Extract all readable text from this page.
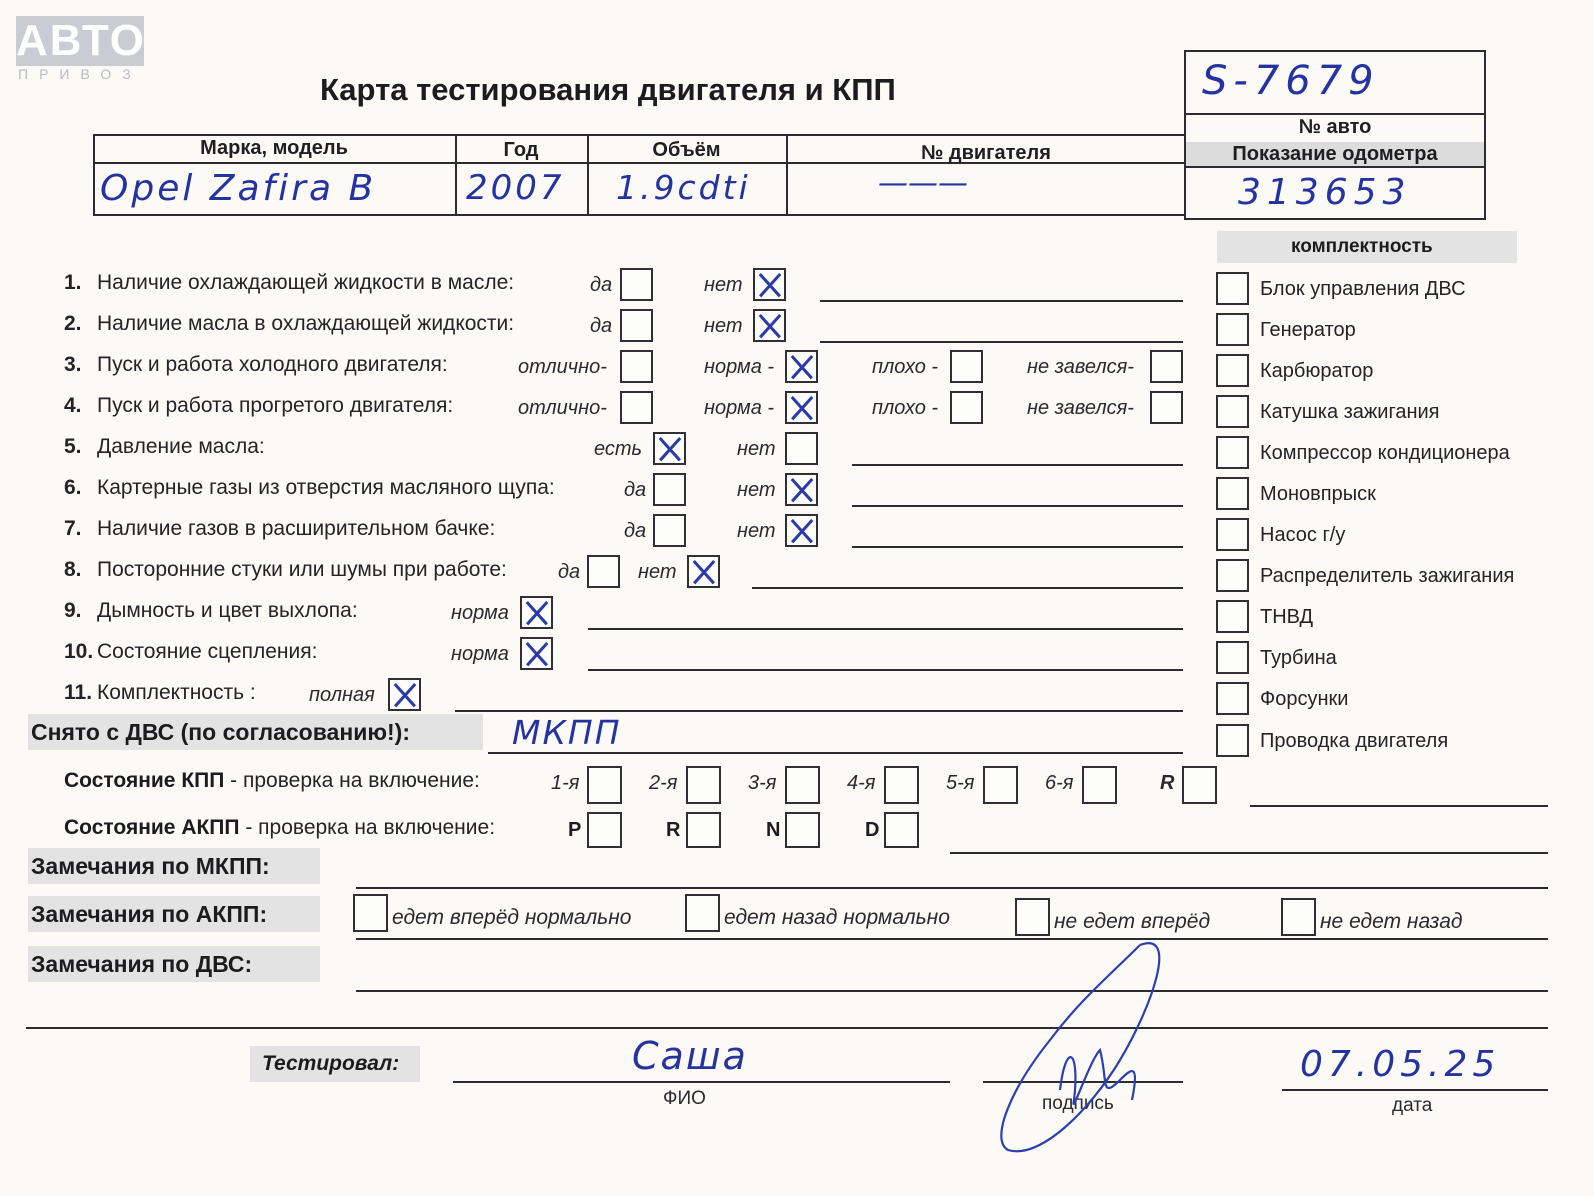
АВТО
ПРИВОЗ	Карта тестирования двигателя и КПП
Марка, модель	Год	Объём	№ двигателя
Opel Zafira B	2007 1.9cdti	———
S-7679
№ авто
Показание одометра
313653
комплектность
Блок управления ДВС
Генератор
Карбюратор
Катушка зажигания
Компрессор кондиционера
Моновпрыск
Насос г/у
Распределитель зажигания
ТНВД
Турбина
Форсунки
Проводка двигателя
1. Наличие охлаждающей жидкости в масле:	да	нет
2. Наличие масла в охлаждающей жидкости:	да	нет
3. Пуск и работа холодного двигателя:	отлично-	норма -	плохо -	не завелся-
4. Пуск и работа прогретого двигателя:	отлично-	норма -	плохо -	не завелся-
5. Давление масла:	есть	нет
6. Картерные газы из отверстия масляного щупа:	да	нет
7. Наличие газов в расширительном бачке:	да	нет
8. Посторонние стуки или шумы при работе:	да	нет
9. Дымность и цвет выхлопа:	норма
10. Состояние сцепления:	норма
11. Комплектность :	полная
Снято с ДВС (по согласованию!):	МКПП
Состояние КПП - проверка на включение:	1-я	2-я	3-я	4-я	5-я	6-я	R
Состояние АКПП - проверка на включение:	P	R	N	D
Замечания по МКПП:
Замечания по АКПП:	едет вперёд нормально	едет назад нормально	не едет вперёд	не едет назад
Замечания по ДВС:
Тестировал:	Саша
ФИО	подпись
07.05.25
дата
